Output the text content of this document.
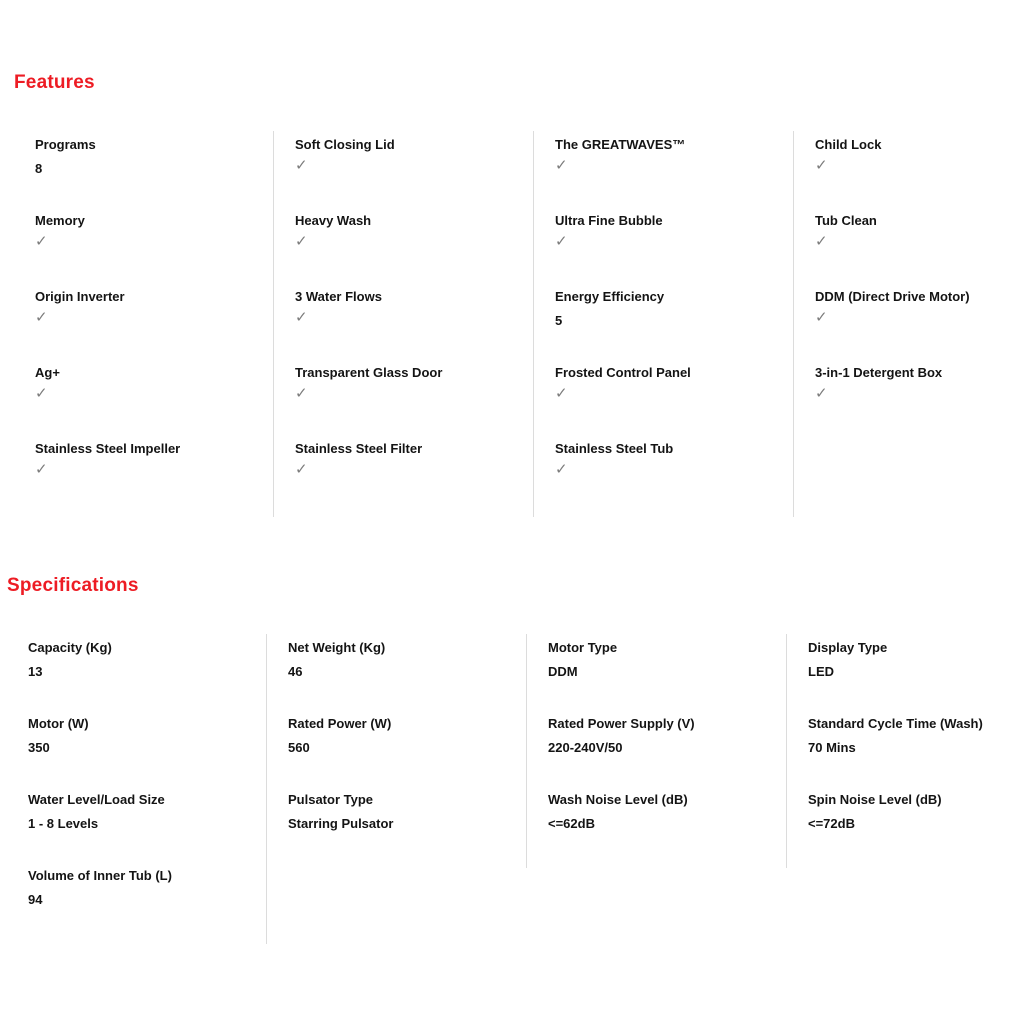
Features
Programs
8
Memory
✓
Origin Inverter
✓
Ag+
✓
Stainless Steel Impeller
✓
Soft Closing Lid
✓
Heavy Wash
✓
3 Water Flows
✓
Transparent Glass Door
✓
Stainless Steel Filter
✓
The GREATWAVES™
✓
Ultra Fine Bubble
✓
Energy Efficiency
5
Frosted Control Panel
✓
Stainless Steel Tub
✓
Child Lock
✓
Tub Clean
✓
DDM (Direct Drive Motor)
✓
3-in-1 Detergent Box
✓
Specifications
Capacity (Kg)
13
Motor (W)
350
Water Level/Load Size
1 - 8 Levels
Volume of Inner Tub (L)
94
Net Weight (Kg)
46
Rated Power (W)
560
Pulsator Type
Starring Pulsator
Motor Type
DDM
Rated Power Supply (V)
220-240V/50
Wash Noise Level (dB)
<=62dB
Display Type
LED
Standard Cycle Time (Wash)
70 Mins
Spin Noise Level (dB)
<=72dB
